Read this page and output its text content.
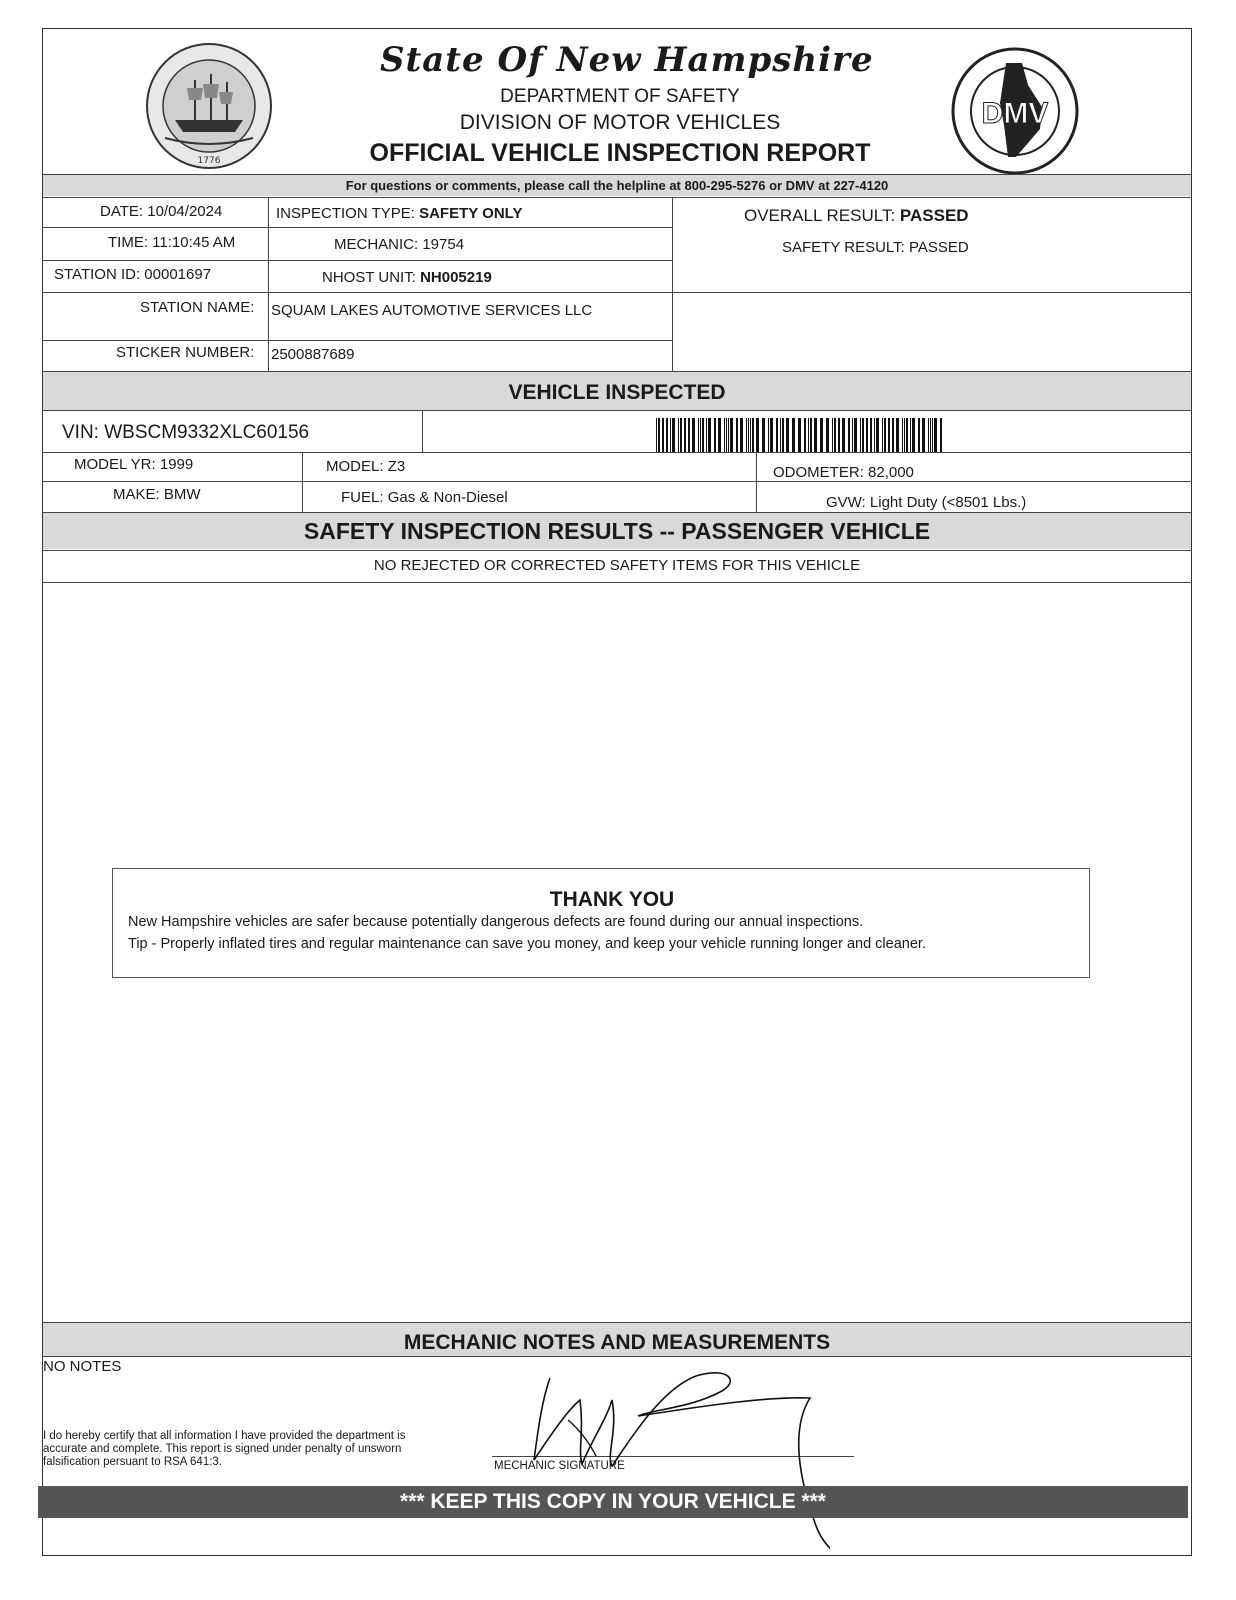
1776
State Of New Hampshire
DEPARTMENT OF SAFETY
DIVISION OF MOTOR VEHICLES
OFFICIAL VEHICLE INSPECTION REPORT
DMV
For questions or comments, please call the helpline at 800-295-5276 or DMV at 227-4120
DATE: 10/04/2024
TIME: 11:10:45 AM
STATION ID: 00001697
STATION NAME: SQUAM LAKES AUTOMOTIVE SERVICES LLC
STICKER NUMBER: 2500887689
INSPECTION TYPE: SAFETY ONLY
MECHANIC: 19754
NHOST UNIT: NH005219
OVERALL RESULT: PASSED
SAFETY RESULT: PASSED
VEHICLE INSPECTED
VIN: WBSCM9332XLC60156
MODEL YR: 1999	MODEL: Z3	ODOMETER: 82,000
MAKE: BMW	FUEL: Gas & Non-Diesel	GVW: Light Duty (<8501 Lbs.)
SAFETY INSPECTION RESULTS -- PASSENGER VEHICLE
NO REJECTED OR CORRECTED SAFETY ITEMS FOR THIS VEHICLE
THANK YOU
New Hampshire vehicles are safer because potentially dangerous defects are found during our annual inspections.
Tip - Properly inflated tires and regular maintenance can save you money, and keep your vehicle running longer and cleaner.
MECHANIC NOTES AND MEASUREMENTS
NO NOTES
I do hereby certify that all information I have provided the department is
accurate and complete. This report is signed under penalty of unsworn
falsification persuant to RSA 641:3.	MECHANIC SIGNATURE
*** KEEP THIS COPY IN YOUR VEHICLE ***
